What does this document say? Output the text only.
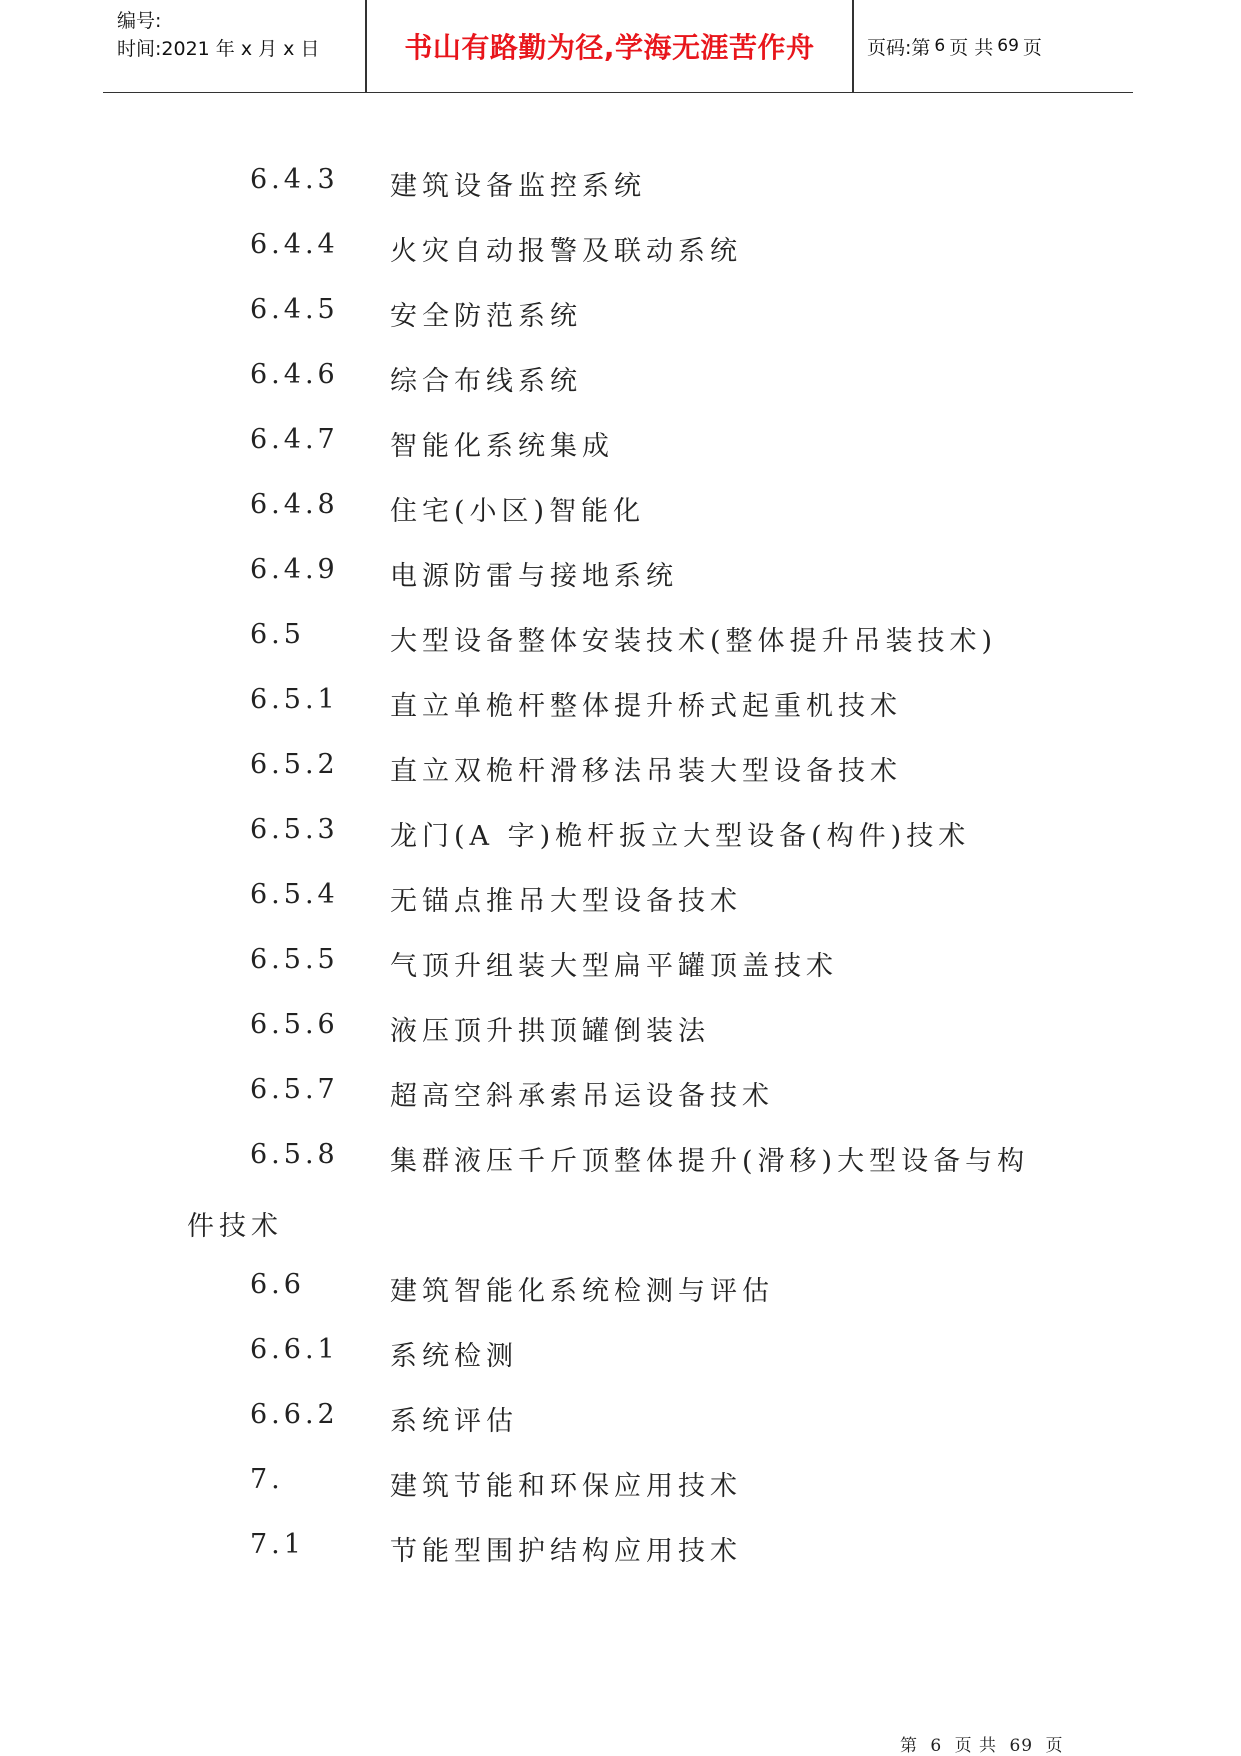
编号:
时间:2021 年 x 月 x 日	书山有路勤为径,学海无涯苦作舟	页码:第 6 页 共 69 页
6.4.3 建筑设备监控系统
6.4.4 火灾自动报警及联动系统
6.4.5 安全防范系统
6.4.6 综合布线系统
6.4.7 智能化系统集成
6.4.8 住宅(小区)智能化
6.4.9 电源防雷与接地系统
6.5	大型设备整体安装技术(整体提升吊装技术)
6.5.1 直立单桅杆整体提升桥式起重机技术
6.5.2 直立双桅杆滑移法吊装大型设备技术
6.5.3 龙门(A 字)桅杆扳立大型设备(构件)技术
6.5.4 无锚点推吊大型设备技术
6.5.5 气顶升组装大型扁平罐顶盖技术
6.5.6 液压顶升拱顶罐倒装法
6.5.7 超高空斜承索吊运设备技术
6.5.8 集群液压千斤顶整体提升(滑移)大型设备与构
件技术
6.6	建筑智能化系统检测与评估
6.6.1 系统检测
6.6.2 系统评估
7.	建筑节能和环保应用技术
7.1	节能型围护结构应用技术
第 6 页 共 69 页
